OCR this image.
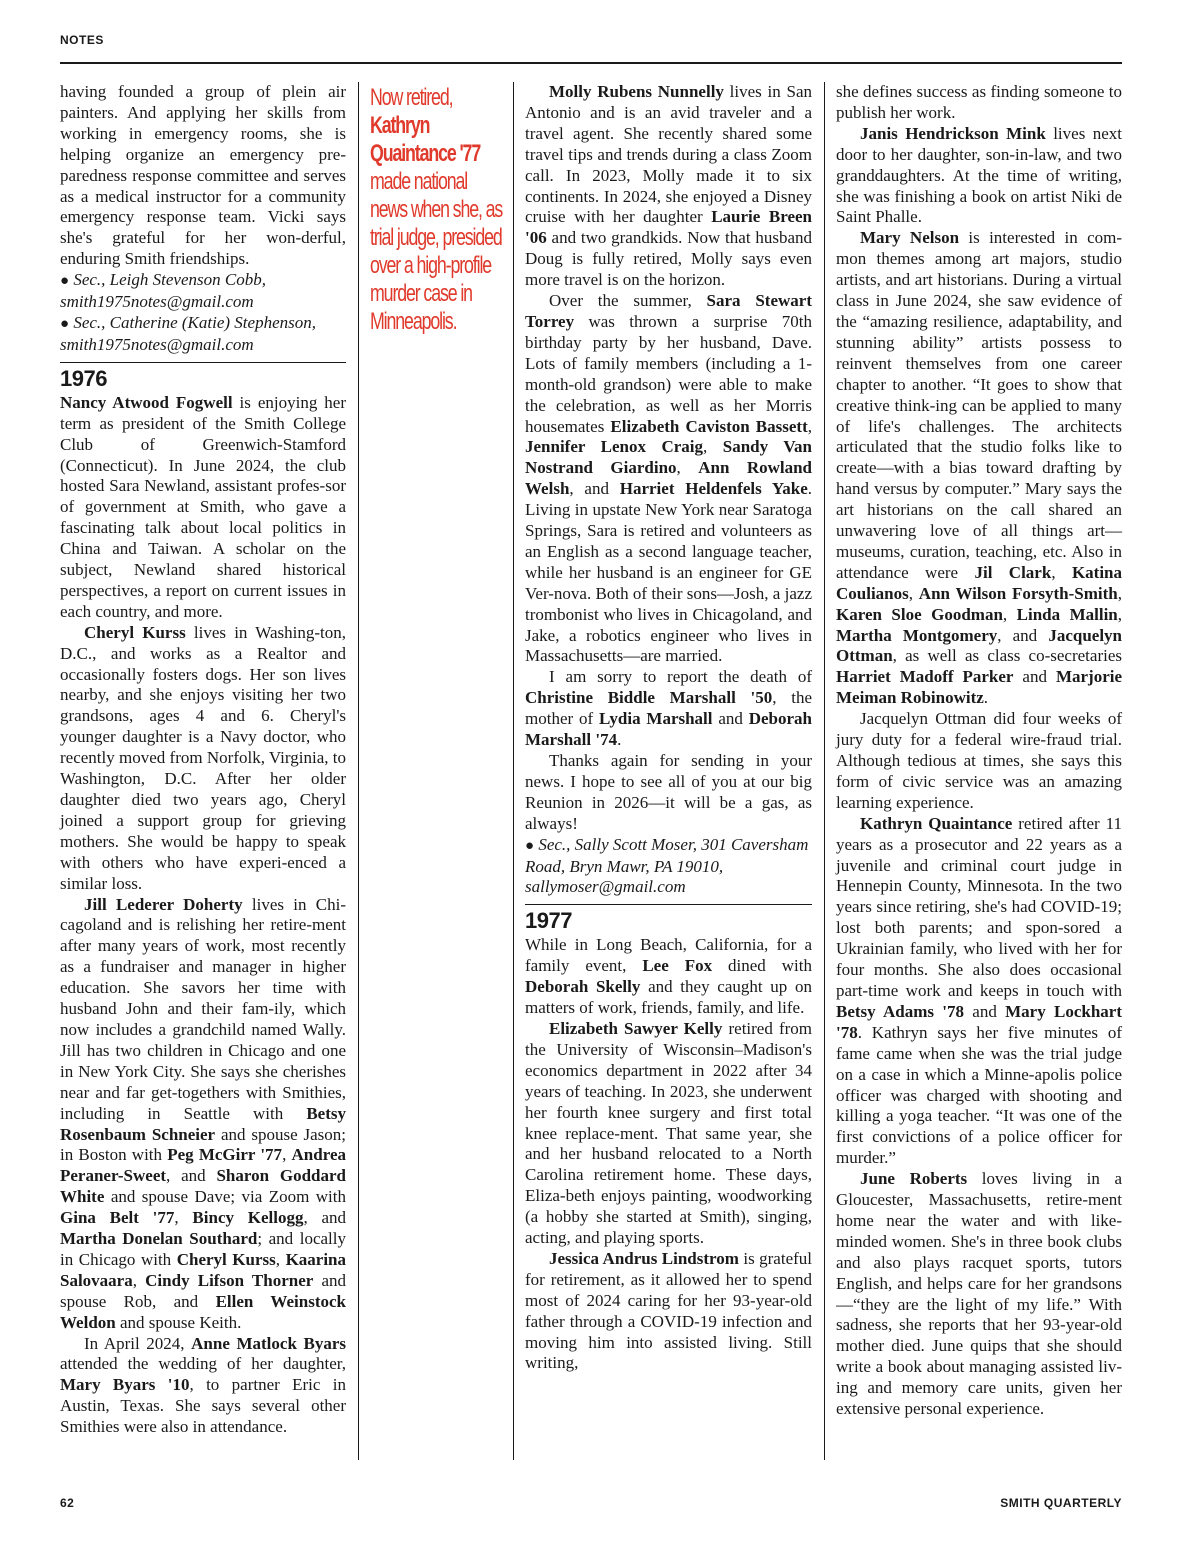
NOTES

having founded a group of plein air painters. And applying her skills from working in emergency rooms, she is helping organize an emergency pre-paredness response committee and serves as a medical instructor for a community emergency response team. Vicki says she's grateful for her won-derful, enduring Smith friendships.

● Sec., Leigh Stevenson Cobb, smith1975notes@gmail.com

● Sec., Catherine (Katie) Stephenson, smith1975notes@gmail.com

1976

Nancy Atwood Fogwell is enjoying her term as president of the Smith College Club of Greenwich-Stamford (Connecticut). In June 2024, the club hosted Sara Newland, assistant profes-sor of government at Smith, who gave a fascinating talk about local politics in China and Taiwan. A scholar on the subject, Newland shared historical perspectives, a report on current issues in each country, and more.

Cheryl Kurss lives in Washing-ton, D.C., and works as a Realtor and occasionally fosters dogs. Her son lives nearby, and she enjoys visiting her two grandsons, ages 4 and 6. Cheryl's younger daughter is a Navy doctor, who recently moved from Norfolk, Virginia, to Washington, D.C. After her older daughter died two years ago, Cheryl joined a support group for grieving mothers. She would be happy to speak with others who have experi-enced a similar loss.

Jill Lederer Doherty lives in Chi-cagoland and is relishing her retire-ment after many years of work, most recently as a fundraiser and manager in higher education. She savors her time with husband John and their fam-ily, which now includes a grandchild named Wally. Jill has two children in Chicago and one in New York City. She says she cherishes near and far get-togethers with Smithies, including in Seattle with Betsy Rosenbaum Schneier and spouse Jason; in Boston with Peg McGirr '77, Andrea Peraner-Sweet, and Sharon Goddard White and spouse Dave; via Zoom with Gina Belt '77, Bincy Kellogg, and Martha Donelan Southard; and locally in Chicago with Cheryl Kurss, Kaarina Salovaara, Cindy Lifson Thorner and spouse Rob, and Ellen Weinstock Weldon and spouse Keith.

In April 2024, Anne Matlock Byars attended the wedding of her daughter, Mary Byars '10, to partner Eric in Austin, Texas. She says several other Smithies were also in attendance.

Now retired, Kathryn Quaintance '77 made national news when she, as trial judge, presided over a high-profile murder case in Minneapolis.

Molly Rubens Nunnelly lives in San Antonio and is an avid traveler and a travel agent. She recently shared some travel tips and trends during a class Zoom call. In 2023, Molly made it to six continents. In 2024, she enjoyed a Disney cruise with her daughter Laurie Breen '06 and two grandkids. Now that husband Doug is fully retired, Molly says even more travel is on the horizon.

Over the summer, Sara Stewart Torrey was thrown a surprise 70th birthday party by her husband, Dave. Lots of family members (including a 1-month-old grandson) were able to make the celebration, as well as her Morris housemates Elizabeth Caviston Bassett, Jennifer Lenox Craig, Sandy Van Nostrand Giardino, Ann Rowland Welsh, and Harriet Heldenfels Yake. Living in upstate New York near Saratoga Springs, Sara is retired and volunteers as an English as a second language teacher, while her husband is an engineer for GE Ver-nova. Both of their sons—Josh, a jazz trombonist who lives in Chicagoland, and Jake, a robotics engineer who lives in Massachusetts—are married.

I am sorry to report the death of Christine Biddle Marshall '50, the mother of Lydia Marshall and Deborah Marshall '74.

Thanks again for sending in your news. I hope to see all of you at our big Reunion in 2026—it will be a gas, as always!

● Sec., Sally Scott Moser, 301 Caversham Road, Bryn Mawr, PA 19010, sallymoser@gmail.com

1977

While in Long Beach, California, for a family event, Lee Fox dined with Deborah Skelly and they caught up on matters of work, friends, family, and life.

Elizabeth Sawyer Kelly retired from the University of Wisconsin–Madison's economics department in 2022 after 34 years of teaching. In 2023, she underwent her fourth knee surgery and first total knee replace-ment. That same year, she and her husband relocated to a North Carolina retirement home. These days, Eliza-beth enjoys painting, woodworking (a hobby she started at Smith), singing, acting, and playing sports.

Jessica Andrus Lindstrom is grateful for retirement, as it allowed her to spend most of 2024 caring for her 93-year-old father through a COVID-19 infection and moving him into assisted living. Still writing,

she defines success as finding someone to publish her work.

Janis Hendrickson Mink lives next door to her daughter, son-in-law, and two granddaughters. At the time of writing, she was finishing a book on artist Niki de Saint Phalle.

Mary Nelson is interested in com-mon themes among art majors, studio artists, and art historians. During a virtual class in June 2024, she saw evidence of the “amazing resilience, adaptability, and stunning ability” artists possess to reinvent themselves from one career chapter to another. “It goes to show that creative think-ing can be applied to many of life's challenges. The architects articulated that the studio folks like to create—with a bias toward drafting by hand versus by computer.” Mary says the art historians on the call shared an unwavering love of all things art—museums, curation, teaching, etc. Also in attendance were Jil Clark, Katina Coulianos, Ann Wilson Forsyth-Smith, Karen Sloe Goodman, Linda Mallin, Martha Montgomery, and Jacquelyn Ottman, as well as class co-secretaries Harriet Madoff Parker and Marjorie Meiman Robinowitz.

Jacquelyn Ottman did four weeks of jury duty for a federal wire-fraud trial. Although tedious at times, she says this form of civic service was an amazing learning experience.

Kathryn Quaintance retired after 11 years as a prosecutor and 22 years as a juvenile and criminal court judge in Hennepin County, Minnesota. In the two years since retiring, she's had COVID-19; lost both parents; and spon-sored a Ukrainian family, who lived with her for four months. She also does occasional part-time work and keeps in touch with Betsy Adams '78 and Mary Lockhart '78. Kathryn says her five minutes of fame came when she was the trial judge on a case in which a Minne-apolis police officer was charged with shooting and killing a yoga teacher. “It was one of the first convictions of a police officer for murder.”

June Roberts loves living in a Gloucester, Massachusetts, retire-ment home near the water and with like-minded women. She's in three book clubs and also plays racquet sports, tutors English, and helps care for her grandsons—“they are the light of my life.” With sadness, she reports that her 93-year-old mother died. June quips that she should write a book about managing assisted liv-ing and memory care units, given her extensive personal experience.

62	SMITH QUARTERLY
